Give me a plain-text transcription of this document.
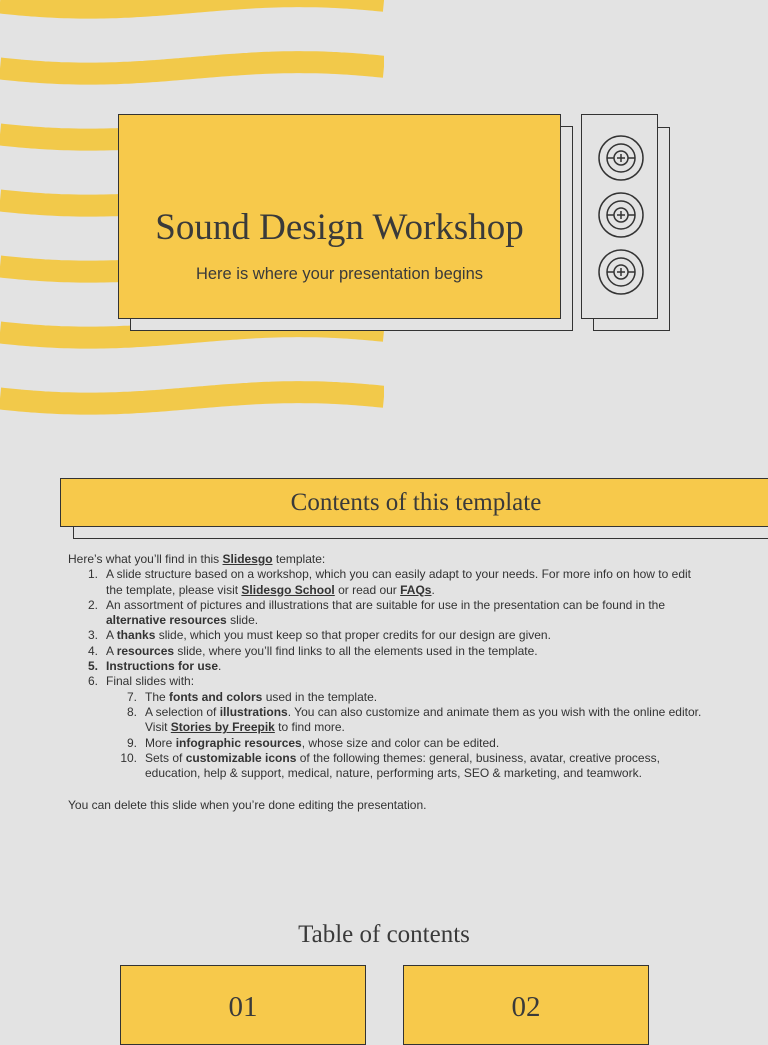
Sound Design Workshop
Here is where your presentation begins
Contents of this template

Here’s what you’ll find in this Slidesgo template:

1. A slide structure based on a workshop, which you can easily adapt to your needs. For more info on how to edit the template, please visit Slidesgo School or read our FAQs.
2. An assortment of pictures and illustrations that are suitable for use in the presentation can be found in the alternative resources slide.
3. A thanks slide, which you must keep so that proper credits for our design are given.
4. A resources slide, where you’ll find links to all the elements used in the template.
5. Instructions for use.
6. Final slides with:
7. The fonts and colors used in the template.
8. A selection of illustrations. You can also customize and animate them as you wish with the online editor. Visit Stories by Freepik to find more.
9. More infographic resources, whose size and color can be edited.
10. Sets of customizable icons of the following themes: general, business, avatar, creative process, education, help & support, medical, nature, performing arts, SEO & marketing, and teamwork.

You can delete this slide when you’re done editing the presentation.

Table of contents
01	02
